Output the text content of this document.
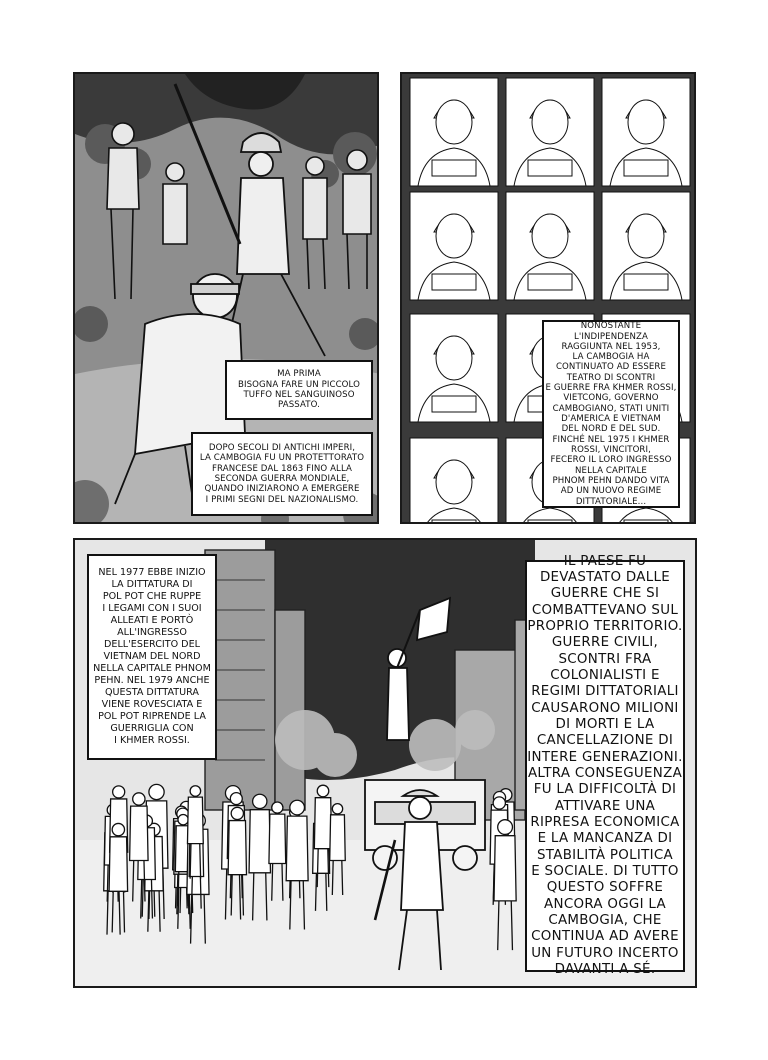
MA PRIMA
BISOGNA FARE UN PICCOLO
TUFFO NEL SANGUINOSO
PASSATO.
DOPO SECOLI DI ANTICHI IMPERI,
LA CAMBOGIA FU UN PROTETTORATO
FRANCESE DAL 1863 FINO ALLA
SECONDA GUERRA MONDIALE,
QUANDO INIZIARONO A EMERGERE
I PRIMI SEGNI DEL NAZIONALISMO.
NONOSTANTE
L'INDIPENDENZA
RAGGIUNTA NEL 1953,
LA CAMBOGIA HA
CONTINUATO AD ESSERE
TEATRO DI SCONTRI
E GUERRE FRA KHMER ROSSI,
VIETCONG, GOVERNO
CAMBOGIANO, STATI UNITI
D'AMERICA E VIETNAM
DEL NORD E DEL SUD.
FINCHÉ NEL 1975 I KHMER
ROSSI, VINCITORI,
FECERO IL LORO INGRESSO
NELLA CAPITALE
PHNOM PEHN DANDO VITA
AD UN NUOVO REGIME
DITTATORIALE...
NEL 1977 EBBE INIZIO
LA DITTATURA DI
POL POT CHE RUPPE
I LEGAMI CON I SUOI
ALLEATI E PORTÒ
ALL'INGRESSO
DELL'ESERCITO DEL
VIETNAM DEL NORD
NELLA CAPITALE PHNOM
PEHN. NEL 1979 ANCHE
QUESTA DITTATURA
VIENE ROVESCIATA E
POL POT RIPRENDE LA
GUERRIGLIA CON
I KHMER ROSSI.
IL PAESE FU
DEVASTATO DALLE
GUERRE CHE SI
COMBATTEVANO SUL
PROPRIO TERRITORIO.
GUERRE CIVILI,
SCONTRI FRA
COLONIALISTI E
REGIMI DITTATORIALI
CAUSARONO MILIONI
DI MORTI E LA
CANCELLAZIONE DI
INTERE GENERAZIONI.
ALTRA CONSEGUENZA
FU LA DIFFICOLTÀ DI
ATTIVARE UNA
RIPRESA ECONOMICA
E LA MANCANZA DI
STABILITÀ POLITICA
E SOCIALE. DI TUTTO
QUESTO SOFFRE
ANCORA OGGI LA
CAMBOGIA, CHE
CONTINUA AD AVERE
UN FUTURO INCERTO
DAVANTI A SÉ.
